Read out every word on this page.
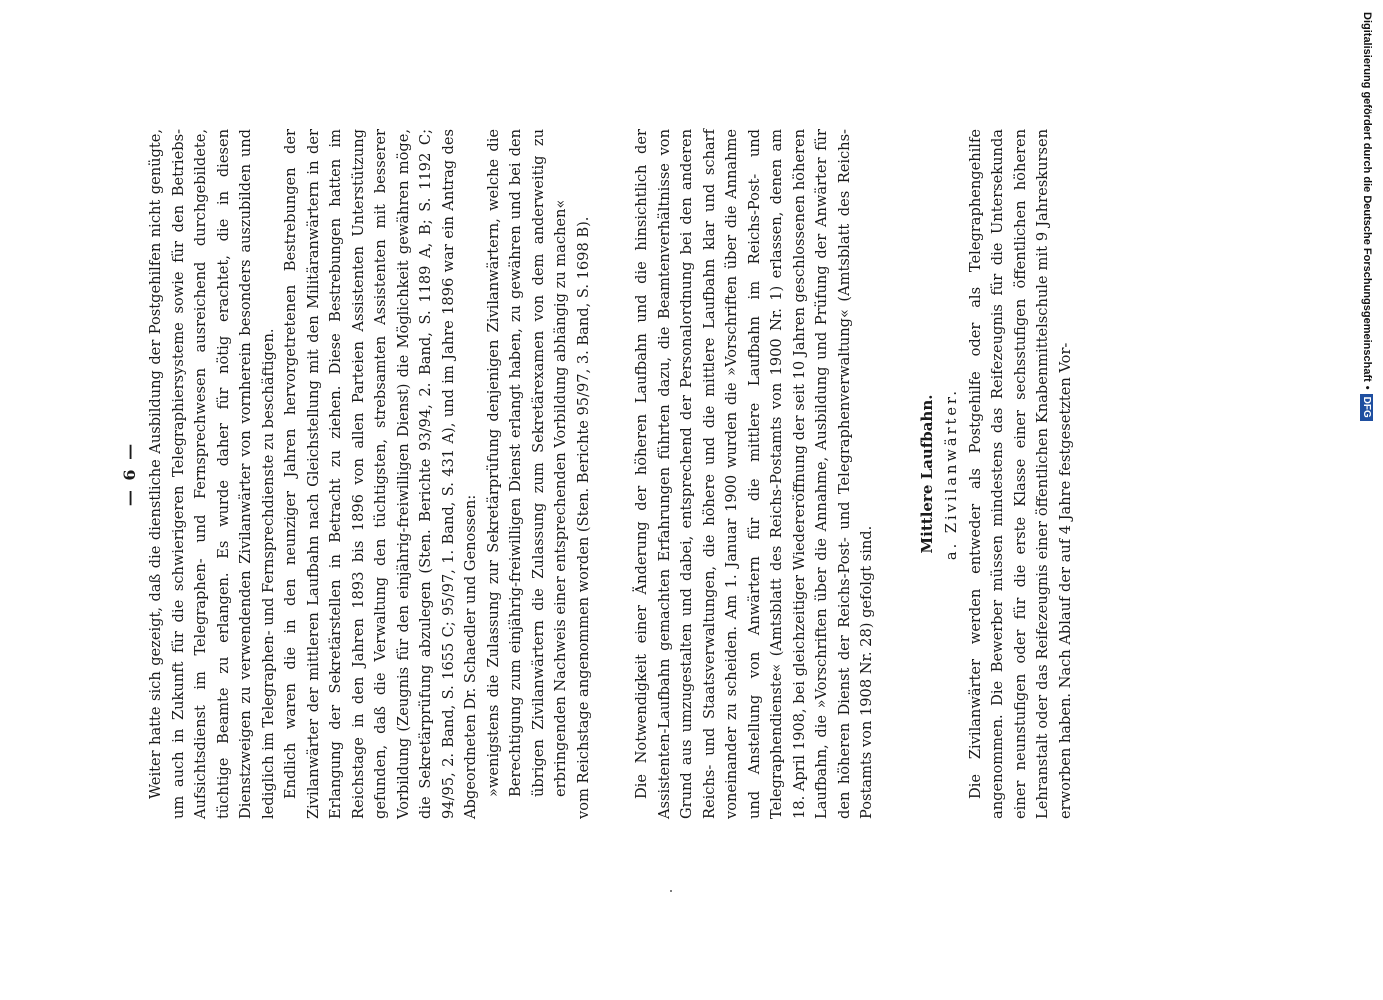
— 6 — Weiter hatte sich gezeigt, daß die dienstliche Ausbildung der Postgehilfen nicht genügte, um auch in Zukunft für die schwierigeren Telegraphiersysteme sowie für den Betriebs-Aufsichtsdienst im Telegraphen- und Fernsprechwesen ausreichend durchgebildete, tüchtige Beamte zu erlangen. Es wurde daher für nötig erachtet, die in diesen Dienstzweigen zu verwendenden Zivilanwärter von vornherein besonders auszubilden und lediglich im Telegraphen- und Fernsprechdienste zu beschäftigen. Endlich waren die in den neunziger Jahren hervorgetretenen Bestrebungen der Zivilanwärter der mittleren Laufbahn nach Gleichstellung mit den Militäranwärtern in der Erlangung der Sekretärstellen in Betracht zu ziehen. Diese Bestrebungen hatten im Reichstage in den Jahren 1893 bis 1896 von allen Parteien Assistenten Unterstützung gefunden, daß die Verwaltung den tüchtigsten, strebsamten Assistenten mit besserer Vorbildung (Zeugnis für den einjährig-freiwilligen Dienst) die Möglichkeit gewähren möge, die Sekretärprüfung abzulegen (Sten. Berichte 93/94, 2. Band, S. 1189 A, B; S. 1192 C; 94/95, 2. Band, S. 1655 C; 95/97, 1. Band, S. 431 A), und im Jahre 1896 war ein Antrag des Abgeordneten Dr. Schaedler und Genossen: »wenigstens die Zulassung zur Sekretärprüfung denjenigen Zivilanwärtern, welche die Berechtigung zum einjährig-freiwilligen Dienst erlangt haben, zu gewähren und bei den übrigen Zivilanwärtern die Zulassung zum Sekretärexamen von dem anderweitig zu erbringenden Nachweis einer entsprechenden Vorbildung abhängig zu machen« vom Reichstage angenommen worden (Sten. Berichte 95/97, 3. Band, S. 1698 B).	Die Notwendigkeit einer Änderung der höheren Laufbahn und die hinsichtlich der Assistenten-Laufbahn gemachten Erfahrungen führten dazu, die Beamtenverhältnisse von Grund aus umzugestalten und dabei, entsprechend der Personalordnung bei den anderen Reichs- und Staatsverwaltungen, die höhere und die mittlere Laufbahn klar und scharf voneinander zu scheiden. Am 1. Januar 1900 wurden die »Vorschriften über die Annahme und Anstellung von Anwärtern für die mittlere Laufbahn im Reichs-Post- und Telegraphendienste« (Amtsblatt des Reichs-Postamts von 1900 Nr. 1) erlassen, denen am 18. April 1908, bei gleichzeitiger Wiedereröffnung der seit 10 Jahren geschlossenen höheren Laufbahn, die »Vorschriften über die Annahme, Ausbildung und Prüfung der Anwärter für den höheren Dienst der Reichs-Post- und Telegraphenverwaltung« (Amtsblatt des Reichs-Postamts von 1908 Nr. 28) gefolgt sind.

Mittlere Laufbahn. a. Zivilanwärter. Die Zivilanwärter werden entweder als Postgehilfe oder als Telegraphengehilfe angenommen. Die Bewerber müssen mindestens das Reifezeugnis für die Untersekunda einer neunstufigen oder für die erste Klasse einer sechsstufigen öffentlichen höheren Lehranstalt oder das Reifezeugnis einer öffentlichen Knabenmittelschule mit 9 Jahreskursen erworben haben. Nach Ablauf der auf 4 Jahre festgesetzten Vor-

Digitalisierung gefördert durch die Deutsche Forschungsgemeinschaft
•
DFG
